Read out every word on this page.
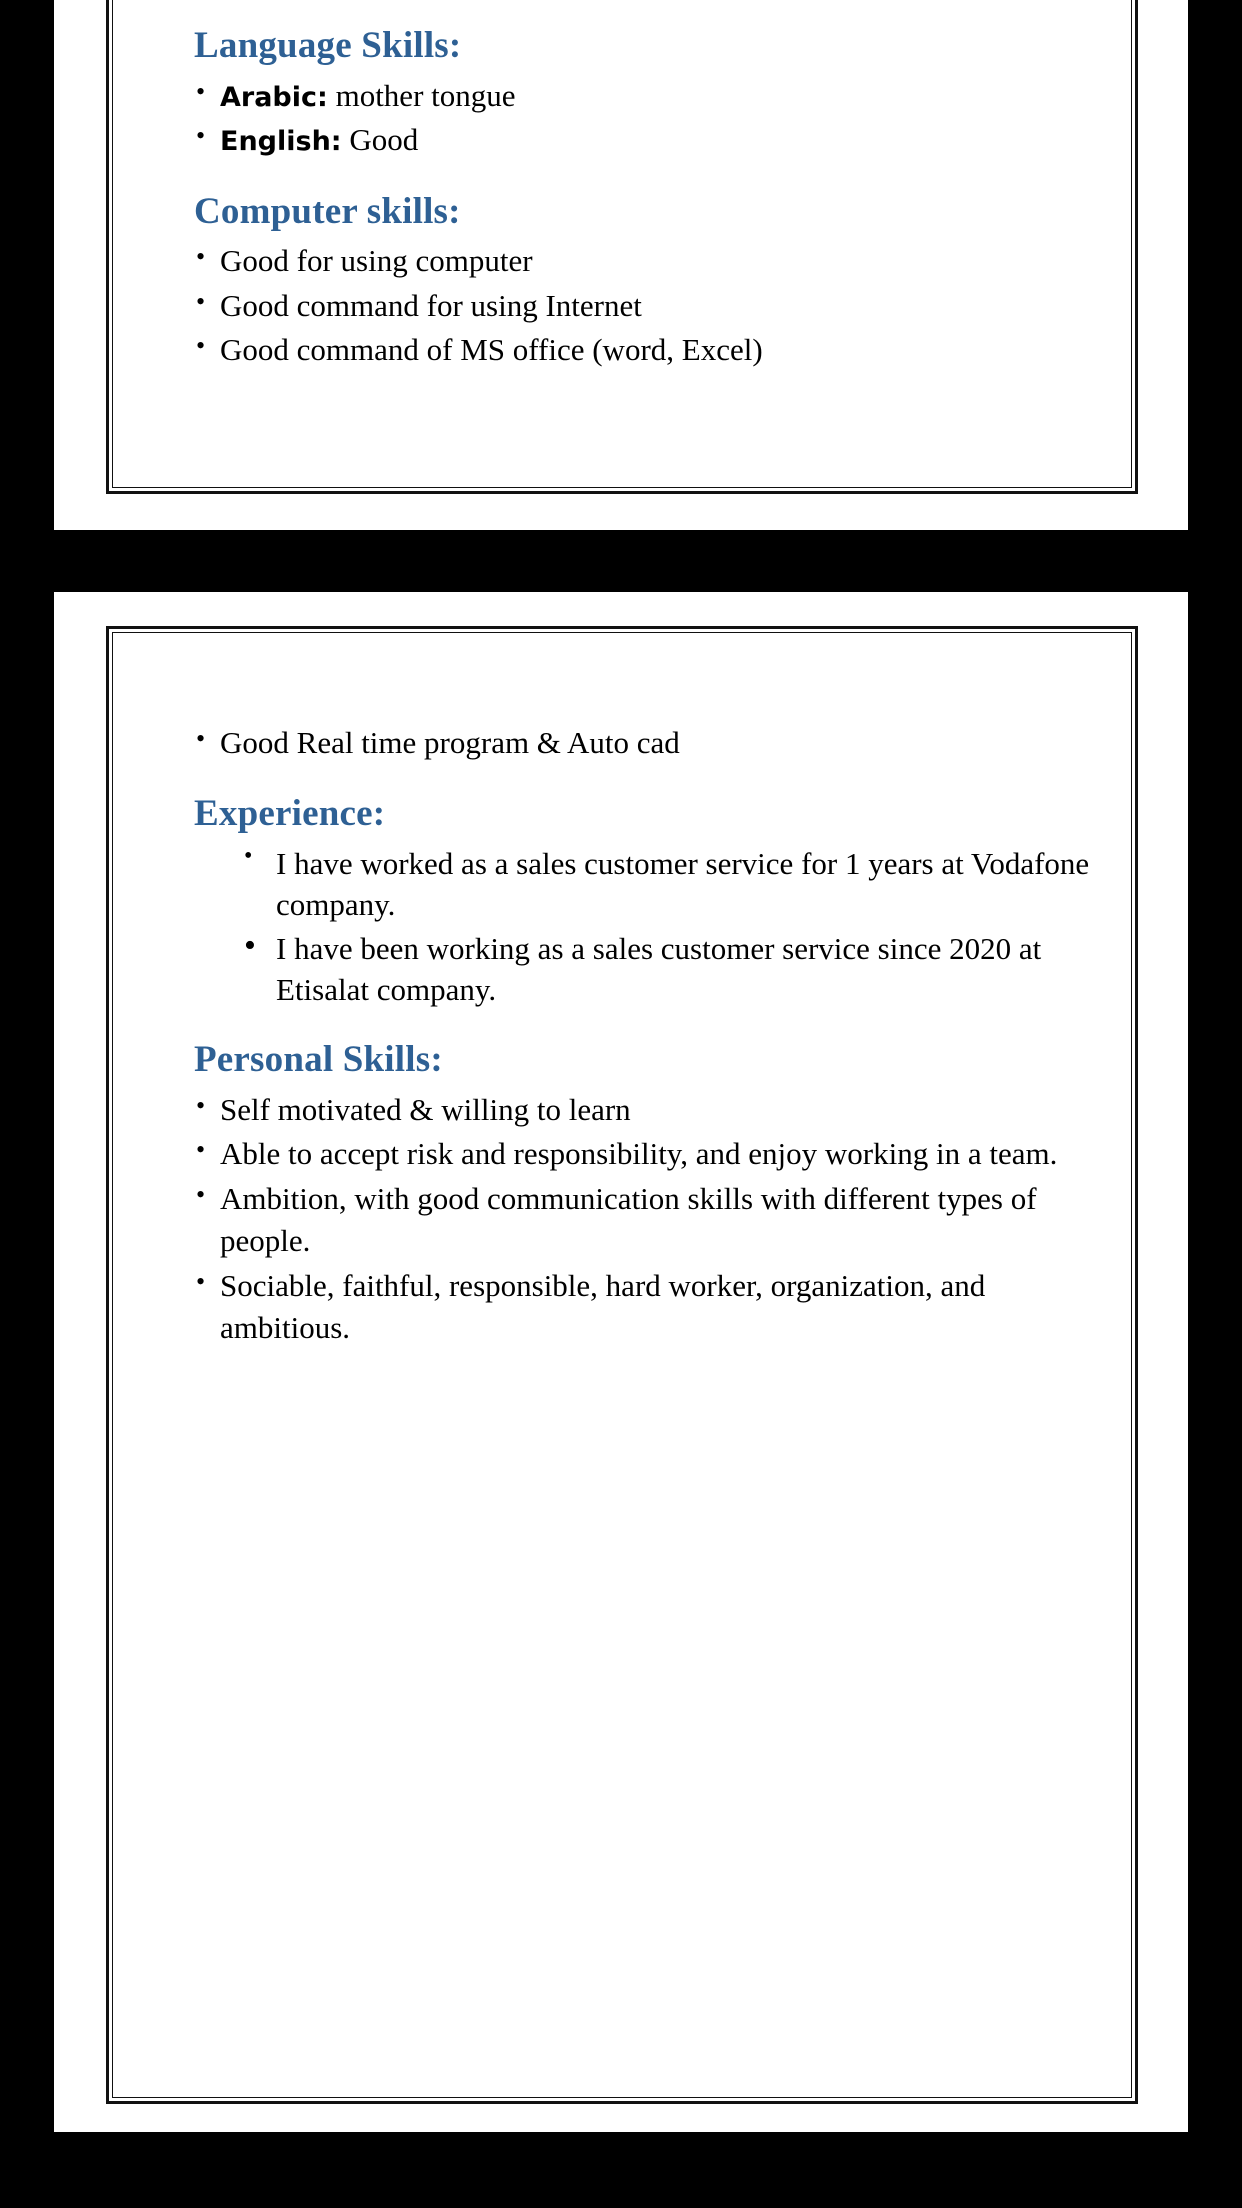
Language Skills:
• Arabic: mother tongue
• English: Good
Computer skills:
• Good for using computer
• Good command for using Internet
• Good command of MS office (word, Excel)

• Good Real time program & Auto cad

Experience:
• I have worked as a sales customer service for 1 years at Vodafone company.
• I have been working as a sales customer service since 2020 at Etisalat company.
Personal Skills:
• Self motivated & willing to learn
• Able to accept risk and responsibility, and enjoy working in a team.
• Ambition, with good communication skills with different types of people.
• Sociable, faithful, responsible, hard worker, organization, and ambitious.
